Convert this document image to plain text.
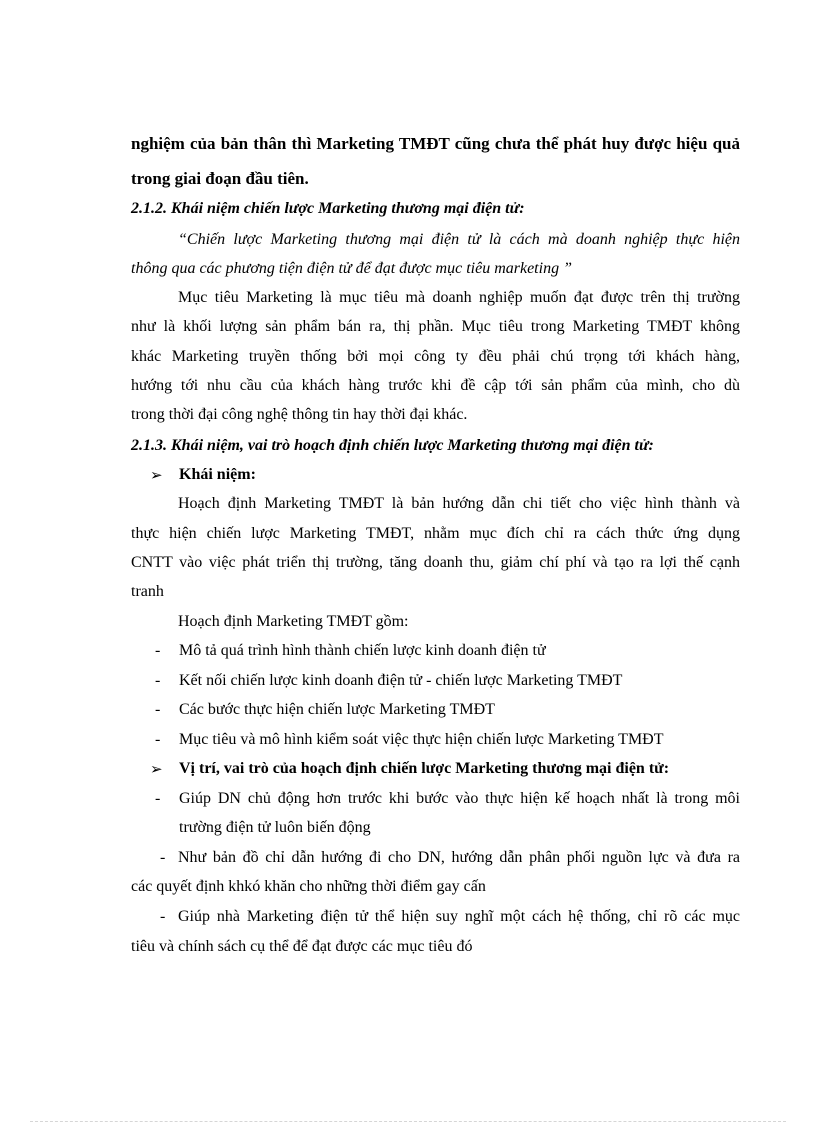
nghiệm của bản thân thì Marketing TMĐT cũng chưa thể phát huy được hiệu quả
trong giai đoạn đầu tiên.
2.1.2. Khái niệm chiến lược Marketing thương mại điện tử:
“Chiến lược Marketing thương mại điện tử là cách mà doanh nghiệp thực hiện
thông qua các phương tiện điện tử để đạt được mục tiêu marketing ”
Mục tiêu Marketing là mục tiêu mà doanh nghiệp muốn đạt được trên thị trường
như là khối lượng sản phẩm bán ra, thị phần. Mục tiêu trong Marketing TMĐT không
khác Marketing truyền thống bởi mọi công ty đều phải chú trọng tới khách hàng,
hướng tới nhu cầu của khách hàng trước khi đề cập tới sản phẩm của mình, cho dù
trong thời đại công nghệ thông tin hay thời đại khác.
2.1.3. Khái niệm, vai trò hoạch định chiến lược Marketing thương mại điện tử:
➢ Khái niệm:
Hoạch định Marketing TMĐT là bản hướng dẫn chi tiết cho việc hình thành và
thực hiện chiến lược Marketing TMĐT, nhằm mục đích chỉ ra cách thức ứng dụng
CNTT vào việc phát triển thị trường, tăng doanh thu, giảm chí phí và tạo ra lợi thế cạnh
tranh
Hoạch định Marketing TMĐT gồm:
- Mô tả quá trình hình thành chiến lược kinh doanh điện tử
- Kết nối chiến lược kinh doanh điện tử - chiến lược Marketing TMĐT
- Các bước thực hiện chiến lược Marketing TMĐT
- Mục tiêu và mô hình kiểm soát việc thực hiện chiến lược Marketing TMĐT
➢ Vị trí, vai trò của hoạch định chiến lược Marketing thương mại điện tử:
- Giúp DN chủ động hơn trước khi bước vào thực hiện kế hoạch nhất là trong môi
trường điện tử luôn biến động
- Như bản đồ chỉ dẫn hướng đi cho DN, hướng dẫn phân phối nguồn lực và đưa ra
các quyết định khkó khăn cho những thời điểm gay cấn
- Giúp nhà Marketing điện tử thể hiện suy nghĩ một cách hệ thống, chỉ rõ các mục
tiêu và chính sách cụ thể để đạt được các mục tiêu đó
